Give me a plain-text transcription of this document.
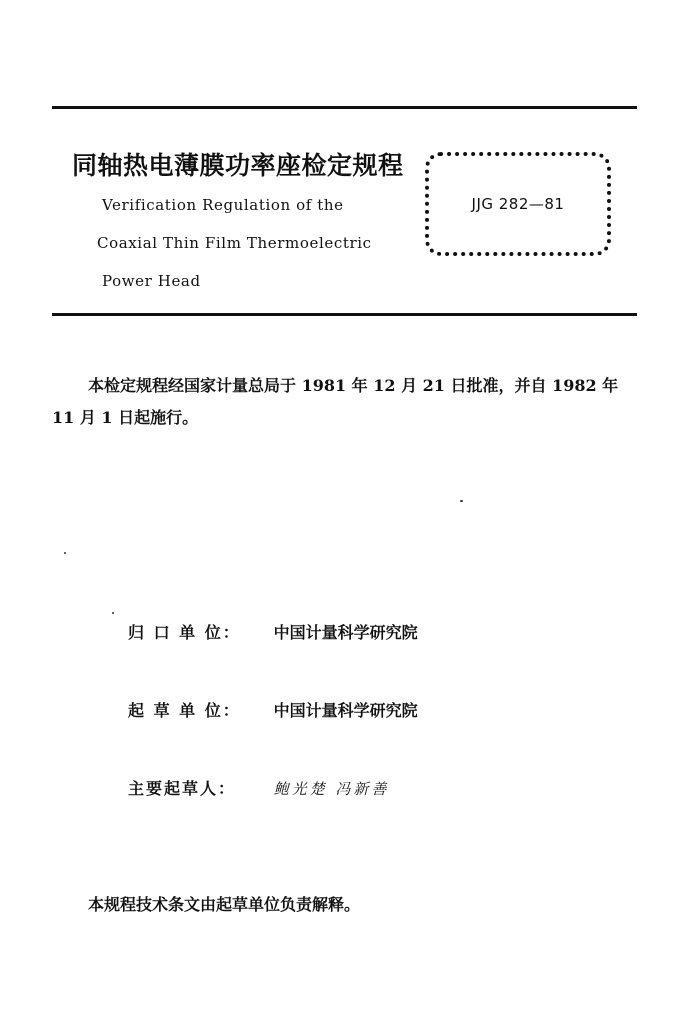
同轴热电薄膜功率座检定规程
Verification Regulation of the
Coaxial Thin Film Thermoelectric
Power Head
JJG 282—81
本检定规程经国家计量总局于 1981 年 12 月 21 日批准，并自 1982 年 11 月 1 日起施行。
归 口 单 位： 中国计量科学研究院
起 草 单 位： 中国计量科学研究院
主要起草人：	鲍光楚 冯新善
本规程技术条文由起草单位负责解释。
